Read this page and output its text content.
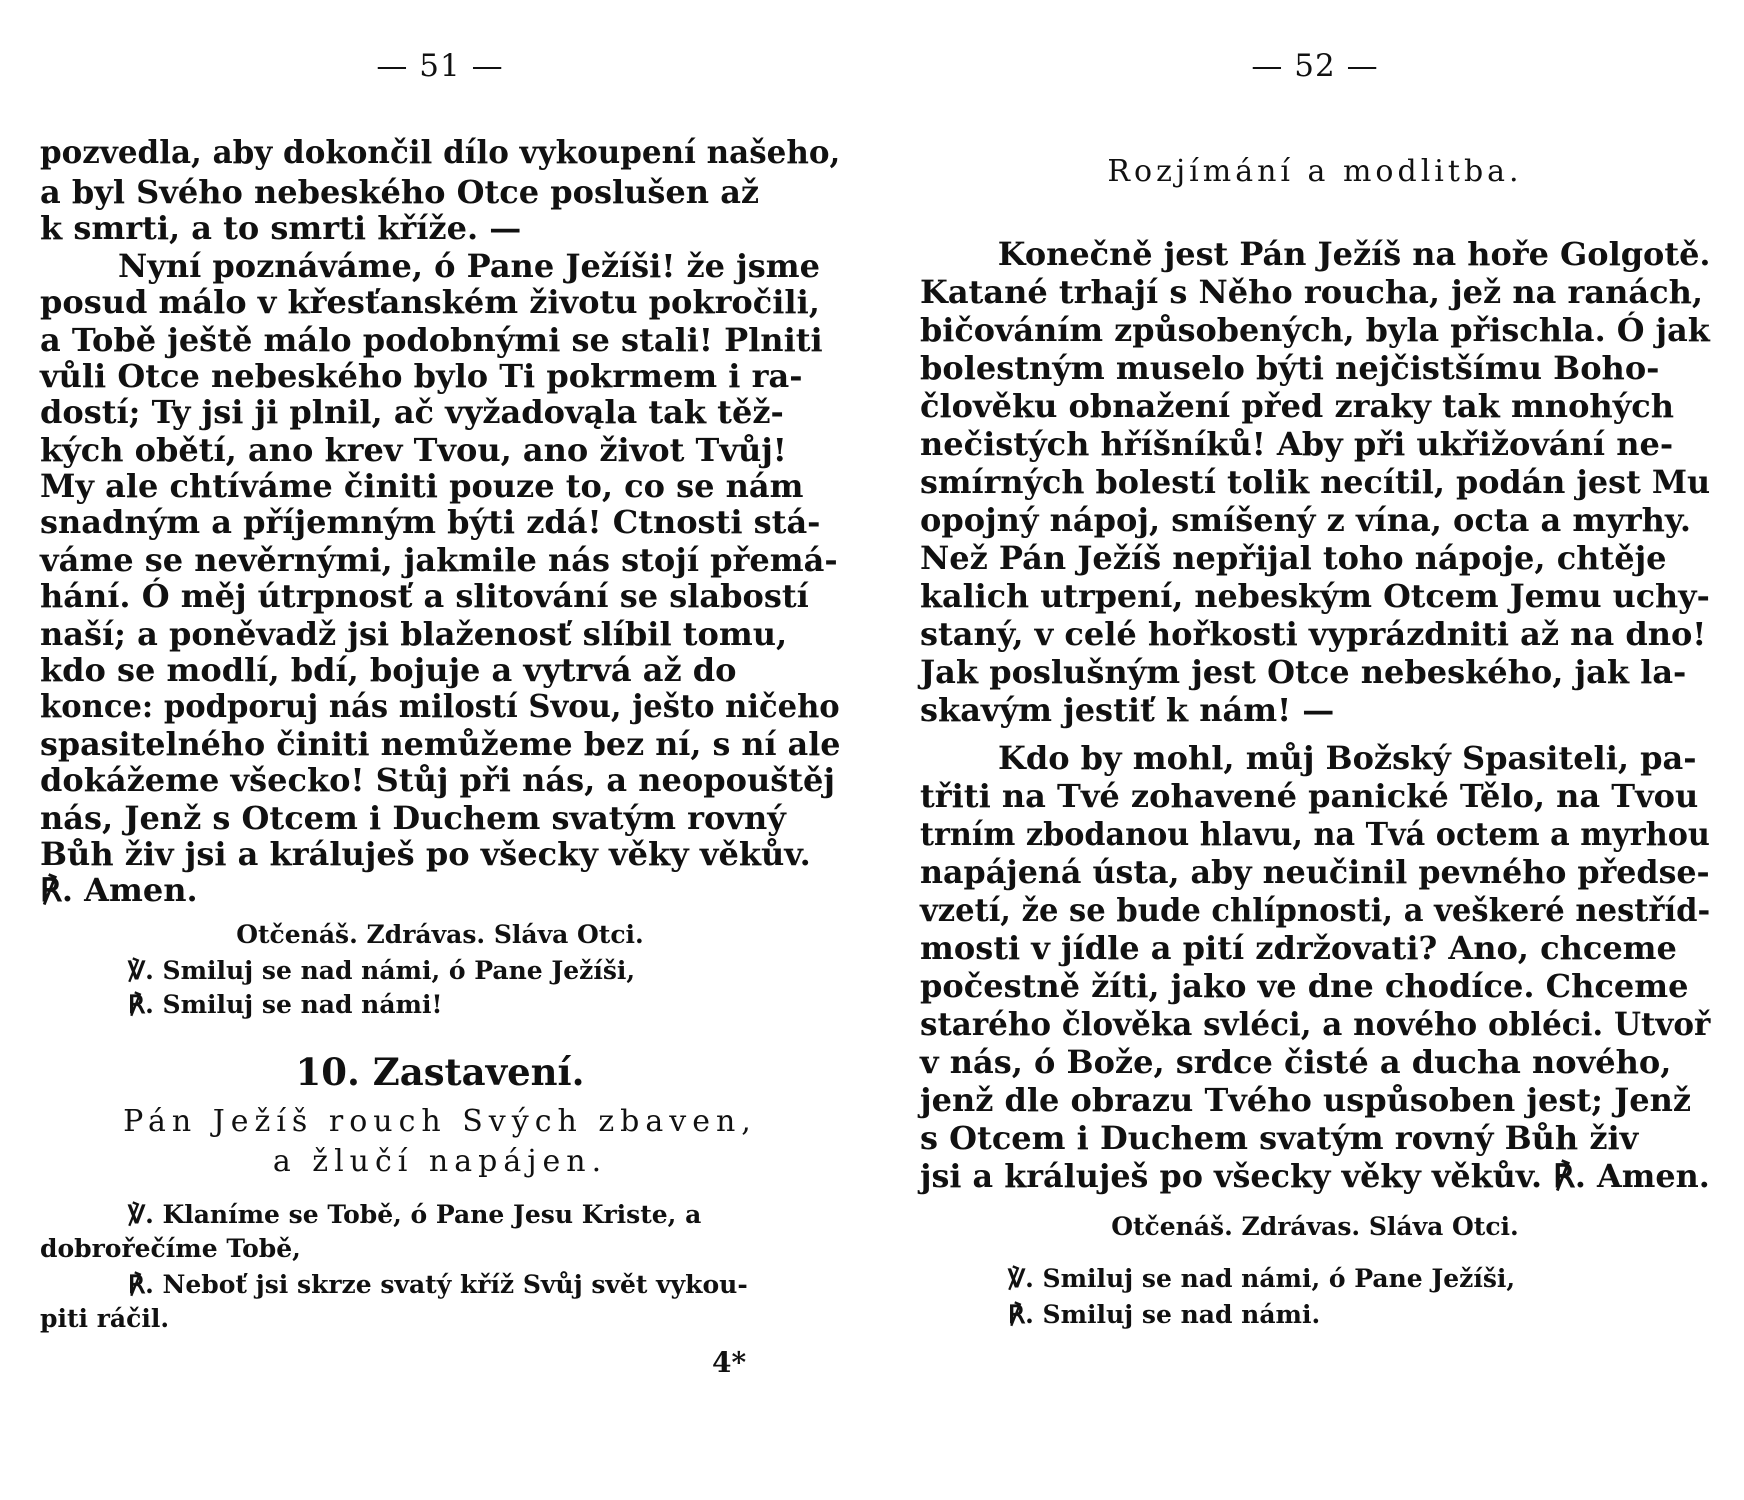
— 51 —
pozvedla, aby dokončil dílo vykoupení našeho,
a byl Svého nebeského Otce poslušen až
k smrti, a to smrti kříže. —
Nyní poznáváme, ó Pane Ježíši! že jsme
posud málo v křesťanském životu pokročili,
a Tobě ještě málo podobnými se stali! Plniti
vůli Otce nebeského bylo Ti pokrmem i ra-
dostí; Ty jsi ji plnil, ač vyžadovąla tak těž-
kých obětí, ano krev Tvou, ano život Tvůj!
My ale chtíváme činiti pouze to, co se nám
snadným a příjemným býti zdá! Ctnosti stá-
váme se nevěrnými, jakmile nás stojí přemá-
hání. Ó měj útrpnosť a slitování se slabostí
naší; a poněvadž jsi blaženosť slíbil tomu,
kdo se modlí, bdí, bojuje a vytrvá až do
konce: podporuj nás milostí Svou, ješto ničeho
spasitelného činiti nemůžeme bez ní, s ní ale
dokážeme všecko! Stůj při nás, a neopouštěj
nás, Jenž s Otcem i Duchem svatým rovný
Bůh živ jsi a králuješ po všecky věky věkův.
℟. Amen.
Otčenáš. Zdrávas. Sláva Otci.
℣. Smiluj se nad námi, ó Pane Ježíši,
℟. Smiluj se nad námi!
10. Zastavení.
Pán Ježíš rouch Svých zbaven,
a žlučí napájen.
℣. Klaníme se Tobě, ó Pane Jesu Kriste, a
dobrořečíme Tobě,
℟. Neboť jsi skrze svatý kříž Svůj svět vykou-
piti ráčil.
4*
— 52 —
Rozjímání a modlitba.
Konečně jest Pán Ježíš na hoře Golgotě.
Katané trhají s Něho roucha, jež na ranách,
bičováním způsobených, byla přischla. Ó jak
bolestným muselo býti nejčistšímu Boho-
člověku obnažení před zraky tak mnohých
nečistých hříšníků! Aby při ukřižování ne-
smírných bolestí tolik necítil, podán jest Mu
opojný nápoj, smíšený z vína, octa a myrhy.
Než Pán Ježíš nepřijal toho nápoje, chtěje
kalich utrpení, nebeským Otcem Jemu uchy-
staný, v celé hořkosti vyprázdniti až na dno!
Jak poslušným jest Otce nebeského, jak la-
skavým jestiť k nám! —
Kdo by mohl, můj Božský Spasiteli, pa-
třiti na Tvé zohavené panické Tělo, na Tvou
trním zbodanou hlavu, na Tvá octem a myrhou
napájená ústa, aby neučinil pevného předse-
vzetí, že se bude chlípnosti, a veškeré nestříd-
mosti v jídle a pití zdržovati? Ano, chceme
počestně žíti, jako ve dne chodíce. Chceme
starého člověka svléci, a nového obléci. Utvoř
v nás, ó Bože, srdce čisté a ducha nového,
jenž dle obrazu Tvého uspůsoben jest; Jenž
s Otcem i Duchem svatým rovný Bůh živ
jsi a králuješ po všecky věky věkův. ℟. Amen.
Otčenáš. Zdrávas. Sláva Otci.
℣. Smiluj se nad námi, ó Pane Ježíši,
℟. Smiluj se nad námi.
